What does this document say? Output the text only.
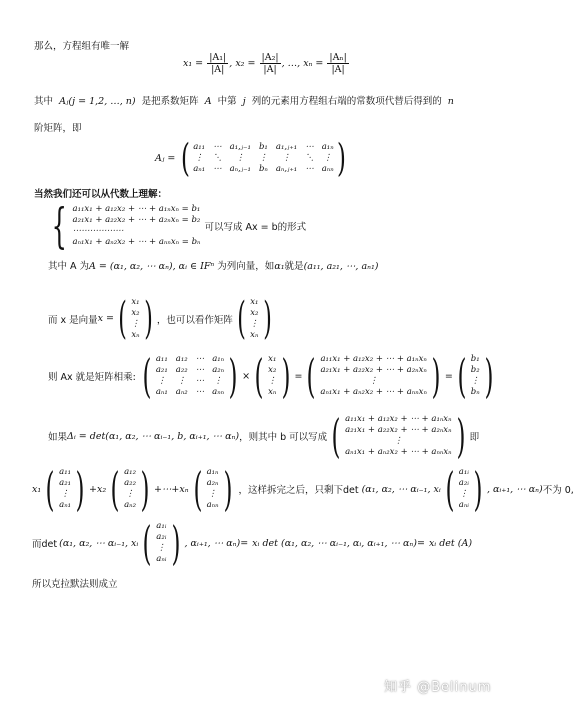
那么，方程组有唯一解
$x_1 = \frac{\text{|A₁|}}{|A|}$ , $x_2 = \frac{\text{|A₂|}}{|A|}$ , …, $x_n = \frac{\text{|Aₙ|}}{|A|}$
其中 Aⱼ(j = 1,2, …, n) 是把系数矩阵 A 中第 j 列的元素用方程组右端的常数项代替后得到的 n
阶矩阵，即
Aⱼ = ( a₁₁ ⋯ a₁,ⱼ₋₁ b₁ a₁,ⱼ₊₁ ⋯ a₁ₙ
⋮ ⋱	⋮	⋮	⋮	⋱ ⋮
aₙ₁ ⋯ aₙ,ⱼ₋₁ bₙ aₙ,ⱼ₊₁ ⋯ aₙₙ )
当然我们还可以从代数上理解：
{ a₁₁x₁ + a₁₂x₂ + ⋯ + a₁ₙxₙ = b₁
a₂₁x₁ + a₂₂x₂ + ⋯ + a₂ₙxₙ = b₂
⋯⋯⋯⋯⋯⋯
aₙ₁x₁ + aₙ₂x₂ + ⋯ + aₙₙxₙ = bₙ
可以写成 Ax = b的形式
其中 A 为A = (α₁, α₂, ⋯ αₙ), αᵢ ∈ IFⁿ 为列向量，如α₁就是(a₁₁, a₂₁, ⋯, aₙ₁)
而 x 是向量 x = ( x₁
x₂
⋮
xₙ ) ，也可以看作矩阵 ( x₁
x₂
⋮
xₙ )
则 Ax 就是矩阵相乘: ( a₁₁ a₁₂ ⋯ a₁ₙ
a₂₁ a₂₂ ⋯ a₂ₙ
⋮ ⋮ ⋯ ⋮
aₙ₁ aₙ₂ ⋯ aₙₙ ) × ( x₁
x₂
⋮
xₙ ) = ( a₁₁x₁ + a₁₂x₂ + ⋯ + a₁ₙxₙ
a₂₁x₁ + a₂₂x₂ + ⋯ + a₂ₙxₙ
⋮
aₙ₁x₁ + aₙ₂x₂ + ⋯ + aₙₙxₙ ) = ( b₁
b₂
⋮
bₙ )
如果 Δᵢ = det(α₁, α₂, ⋯ αᵢ₋₁, b, αᵢ₊₁, ⋯ αₙ) ，则其中 b 可以写成 ( a₁₁x₁ + a₁₂x₂ + ⋯ + a₁ₙxₙ
a₂₁x₁ + a₂₂x₂ + ⋯ + a₂ₙxₙ
⋮
aₙ₁x₁ + aₙ₂x₂ + ⋯ + aₙₙxₙ ) 即
x₁ ( a₁₁
a₂₁
⋮
aₙ₁ ) +x₂ ( a₁₂
a₂₂
⋮
aₙ₂ ) +⋯+xₙ ( a₁ₙ
a₂ₙ
⋮
aₙₙ ) ，这样拆完之后，只剩下det (α₁, α₂, ⋯ αᵢ₋₁, xᵢ ( a₁ᵢ
a₂ᵢ
⋮
aₙᵢ ) , αᵢ₊₁, ⋯ αₙ) 不为 0,
而det (α₁, α₂, ⋯ αᵢ₋₁, xᵢ ( a₁ᵢ
a₂ᵢ
⋮
aₙᵢ ) , αᵢ₊₁, ⋯ αₙ)= xᵢ det (α₁, α₂, ⋯ αᵢ₋₁, αᵢ, αᵢ₊₁, ⋯ αₙ)= xᵢ det (A)
所以克拉默法则成立
知乎 @Belinum
